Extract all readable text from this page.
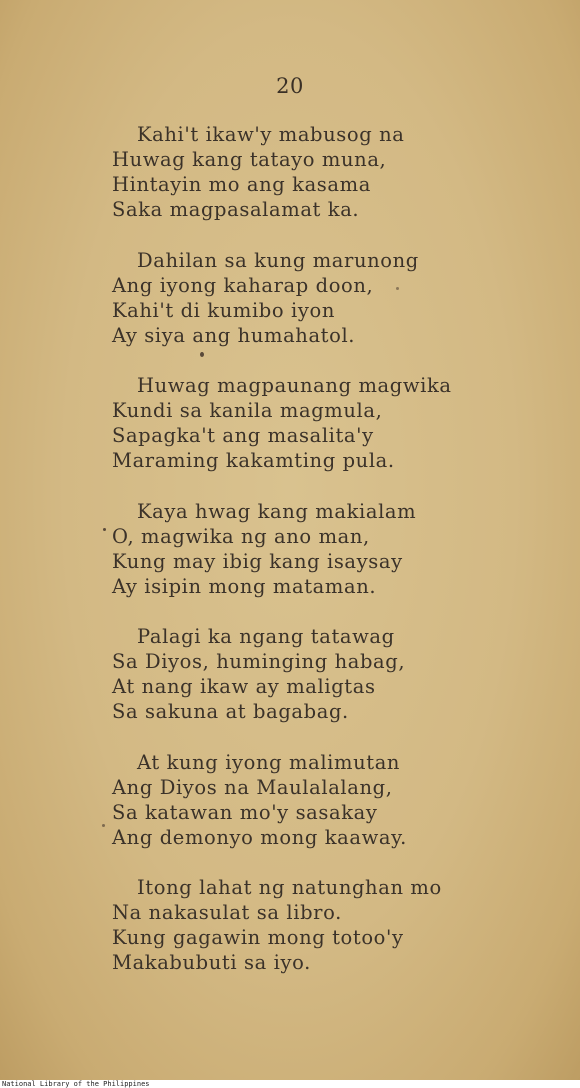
20
Kahi't ikaw'y mabusog na
Huwag kang tatayo muna,
Hintayin mo ang kasama
Saka magpasalamat ka.
Dahilan sa kung marunong
Ang iyong kaharap doon,
Kahi't di kumibo iyon
Ay siya ang humahatol.
Huwag magpaunang magwika
Kundi sa kanila magmula,
Sapagka't ang masalita'y
Maraming kakamting pula.
Kaya hwag kang makialam
O, magwika ng ano man,
Kung may ibig kang isaysay
Ay isipin mong mataman.
Palagi ka ngang tatawag
Sa Diyos, huminging habag,
At nang ikaw ay maligtas
Sa sakuna at bagabag.
At kung iyong malimutan
Ang Diyos na Maulalalang,
Sa katawan mo'y sasakay
Ang demonyo mong kaaway.
Itong lahat ng natunghan mo
Na nakasulat sa libro.
Kung gagawin mong totoo'y
Makabubuti sa iyo.
National Library of the Philippines
